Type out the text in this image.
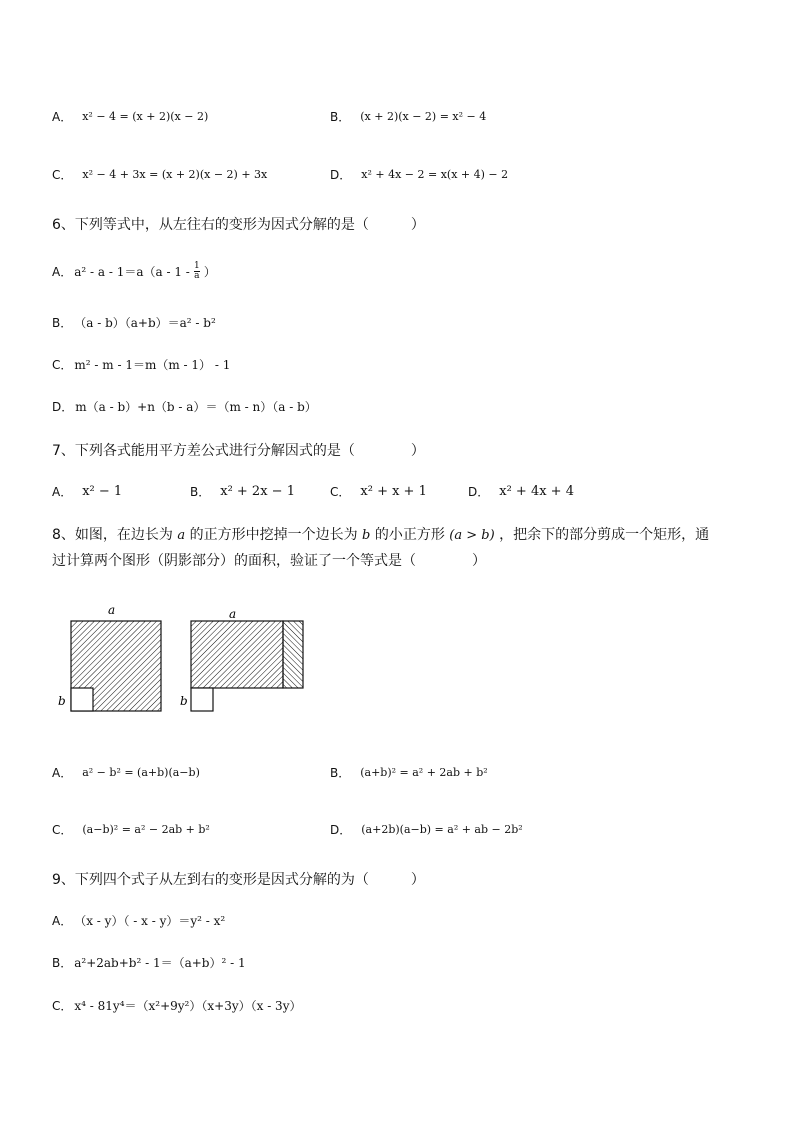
A． x² − 4 = (x + 2)(x − 2)	B． (x + 2)(x − 2) = x² − 4
C． x² − 4 + 3x = (x + 2)(x − 2) + 3x	D． x² + 4x − 2 = x(x + 4) − 2
6、下列等式中，从左往右的变形为因式分解的是（　　　）
A． $a^2 - a - 1=a(a - 1 - \frac{1}{a}$ ）
B． （a - b）（a+b）＝a² - b²
C． m² - m - 1＝m（m - 1） - 1
D． m（a - b）+n（b - a）＝（m - n）（a - b）
7、下列各式能用平方差公式进行分解因式的是（　　　　）
A． x² − 1	B． x² + 2x − 1	C． x² + x + 1	D． x² + 4x + 4
8、如图，在边长为 a 的正方形中挖掉一个边长为 b 的小正方形 (a > b) ，把余下的部分剪成一个矩形，通
过计算两个图形（阴影部分）的面积，验证了一个等式是（　　　　）
a
b
a
b
A． a² − b² = (a+b)(a−b)	B． (a+b)² = a² + 2ab + b²
C． (a−b)² = a² − 2ab + b²	D． (a+2b)(a−b) = a² + ab − 2b²
9、下列四个式子从左到右的变形是因式分解的为（　　　）
A． （x - y）（ - x - y）＝y² - x²
B． a²+2ab+b² - 1＝（a+b）² - 1
C． x⁴ - 81y⁴＝（x²+9y²）（x+3y）（x - 3y）
